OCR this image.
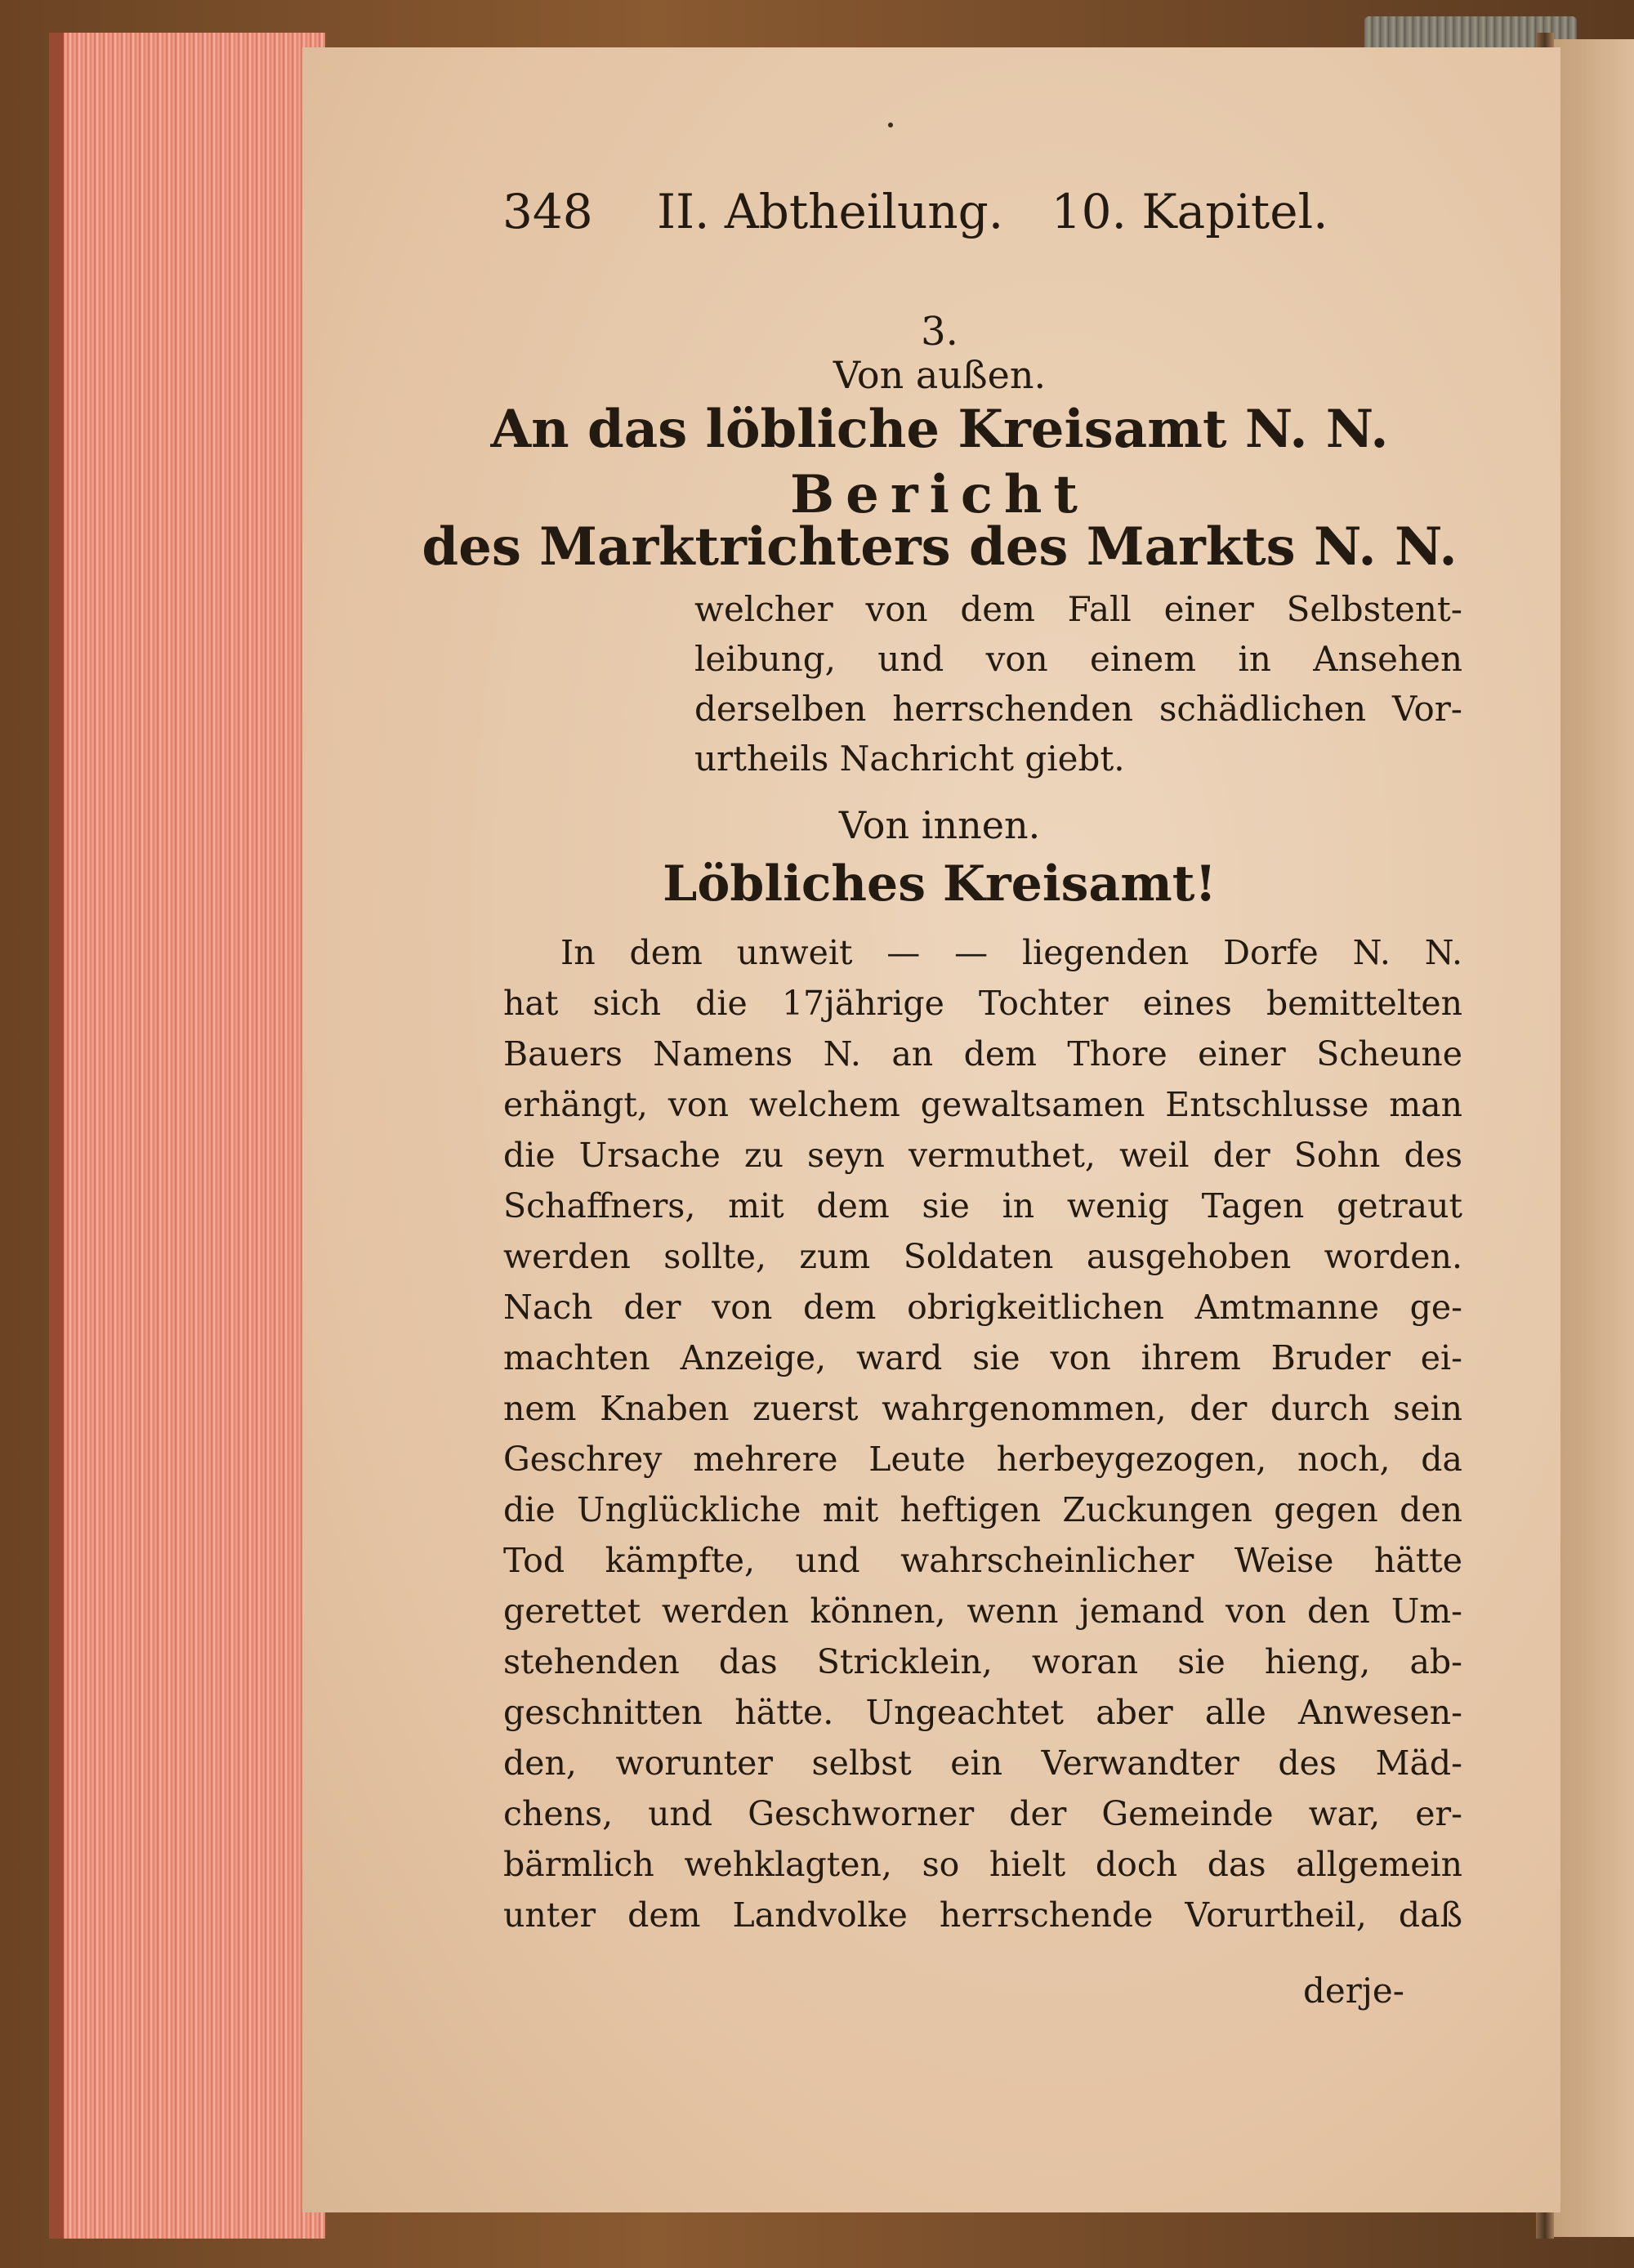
348 II. Abtheilung. 10. Kapitel.
3.
Von außen.
An das löbliche Kreisamt N. N.
Bericht
des Marktrichters des Markts N. N.
welcher von dem Fall einer Selbstent-
leibung, und von einem in Ansehen
derselben herrschenden schädlichen Vor-
urtheils Nachricht giebt.
Von innen.
Löbliches Kreisamt!
In dem unweit — — liegenden Dorfe N. N.
hat sich die 17jährige Tochter eines bemittelten
Bauers Namens N. an dem Thore einer Scheune
erhängt, von welchem gewaltsamen Entschlusse man
die Ursache zu seyn vermuthet, weil der Sohn des
Schaffners, mit dem sie in wenig Tagen getraut
werden sollte, zum Soldaten ausgehoben worden.
Nach der von dem obrigkeitlichen Amtmanne ge-
machten Anzeige, ward sie von ihrem Bruder ei-
nem Knaben zuerst wahrgenommen, der durch sein
Geschrey mehrere Leute herbeygezogen, noch, da
die Unglückliche mit heftigen Zuckungen gegen den
Tod kämpfte, und wahrscheinlicher Weise hätte
gerettet werden können, wenn jemand von den Um-
stehenden das Stricklein, woran sie hieng, ab-
geschnitten hätte. Ungeachtet aber alle Anwesen-
den, worunter selbst ein Verwandter des Mäd-
chens, und Geschworner der Gemeinde war, er-
bärmlich wehklagten, so hielt doch das allgemein
unter dem Landvolke herrschende Vorurtheil, daß
derje-
